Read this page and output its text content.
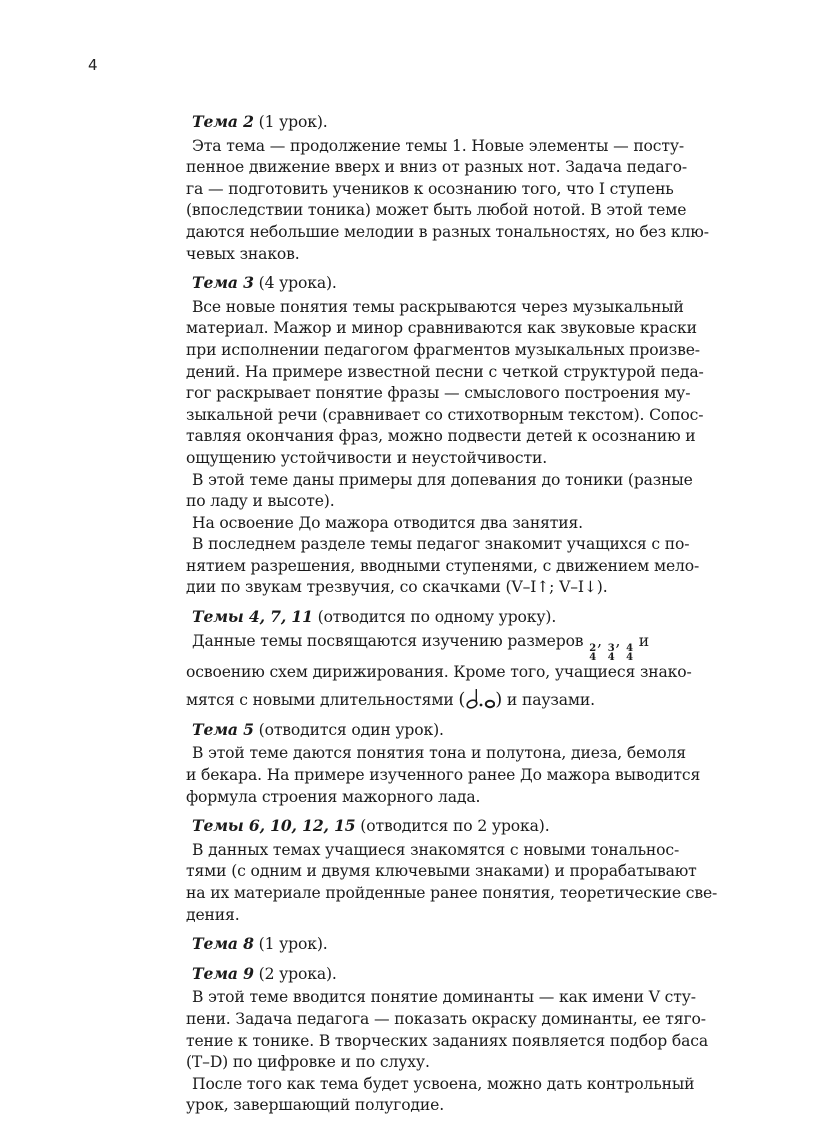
4

Тема 2 (1 урок).

Эта тема — продолжение темы 1. Новые элементы — посту-
пенное движение вверх и вниз от разных нот. Задача педаго-
га — подготовить учеников к осознанию того, что I ступень
(впоследствии тоника) может быть любой нотой. В этой теме
даются небольшие мелодии в разных тональностях, но без клю-
чевых знаков.

Тема 3 (4 урока).

Все новые понятия темы раскрываются через музыкальный
материал. Мажор и минор сравниваются как звуковые краски
при исполнении педагогом фрагментов музыкальных произве-
дений. На примере известной песни с четкой структурой педа-
гог раскрывает понятие фразы — смыслового построения му-
зыкальной речи (сравнивает со стихотворным текстом). Сопос-
тавляя окончания фраз, можно подвести детей к осознанию и
ощущению устойчивости и неустойчивости.

В этой теме даны примеры для допевания до тоники (разные
по ладу и высоте).

На освоение До мажора отводится два занятия.

В последнем разделе темы педагог знакомит учащихся с по-
нятием разрешения, вводными ступенями, с движением мело-
дии по звукам трезвучия, со скачками (V–I↑; V–I↓).

Темы 4, 7, 11 (отводится по одному уроку).

Данные темы посвящаются изучению размеров 2
4
, 3
4
, 4
4
и
освоению схем дирижирования. Кроме того, учащиеся знако-
мятся с новыми длительностями ( ) и паузами.

Тема 5 (отводится один урок).

В этой теме даются понятия тона и полутона, диеза, бемоля
и бекара. На примере изученного ранее До мажора выводится
формула строения мажорного лада.

Темы 6, 10, 12, 15 (отводится по 2 урока).

В данных темах учащиеся знакомятся с новыми тональнос-
тями (с одним и двумя ключевыми знаками) и прорабатывают
на их материале пройденные ранее понятия, теоретические све-
дения.

Тема 8 (1 урок).

Тема 9 (2 урока).

В этой теме вводится понятие доминанты — как имени V сту-
пени. Задача педагога — показать окраску доминанты, ее тяго-
тение к тонике. В творческих заданиях появляется подбор баса
(T–D) по цифровке и по слуху.

После того как тема будет усвоена, можно дать контрольный
урок, завершающий полугодие.
